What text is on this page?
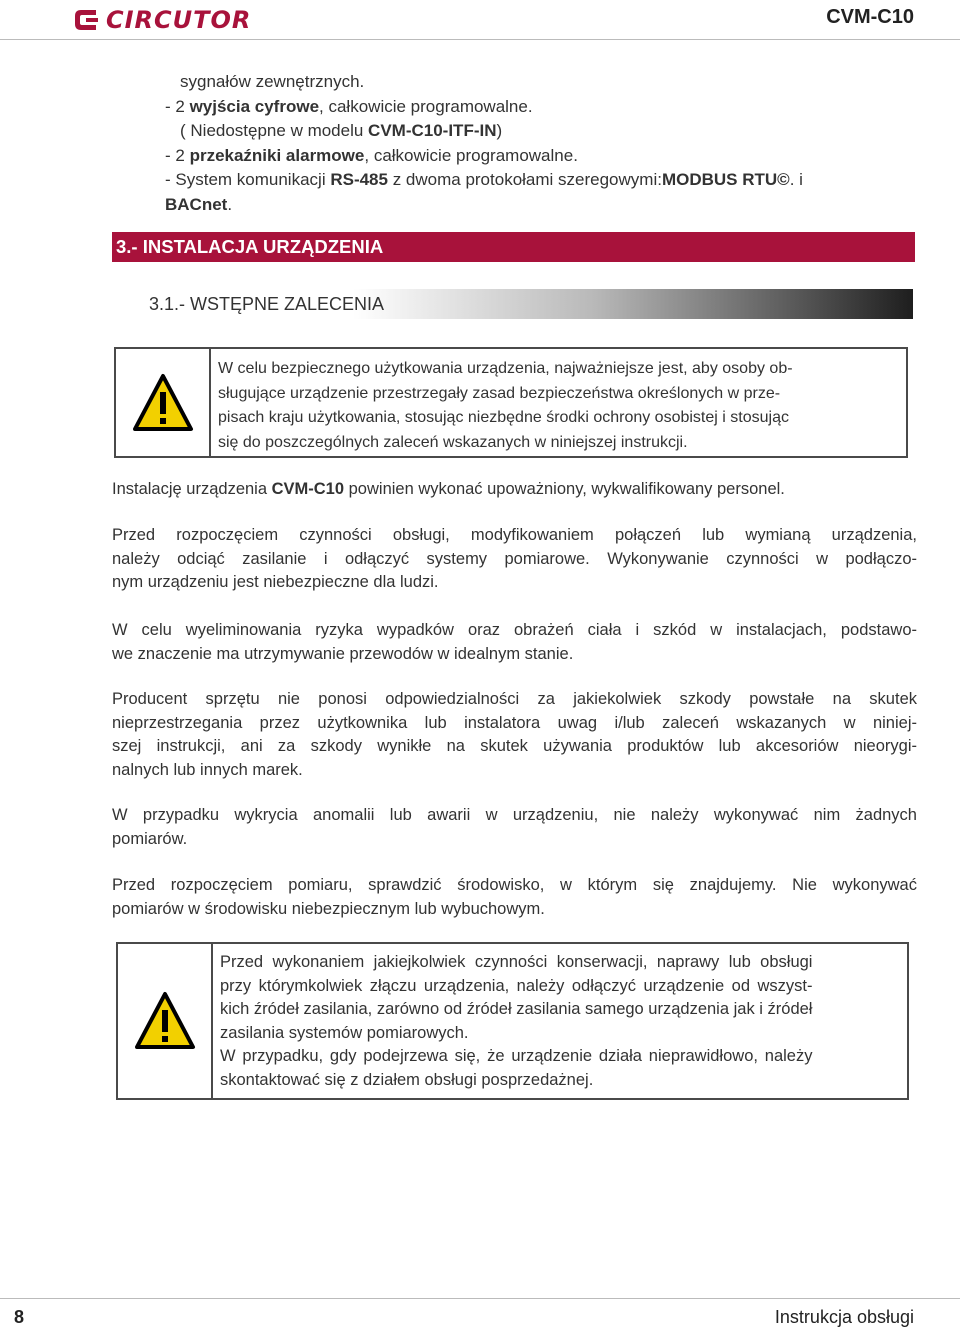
CIRCUTOR	CVM-C10
sygnałów zewnętrznych.
- 2 wyjścia cyfrowe, całkowicie programowalne.
( Niedostępne w modelu CVM-C10-ITF-IN)
- 2 przekaźniki alarmowe, całkowicie programowalne.
- System komunikacji RS-485 z dwoma protokołami szeregowymi:MODBUS RTU©. i
BACnet.
3.- INSTALACJA URZĄDZENIA
3.1.- WSTĘPNE ZALECENIA
W celu bezpiecznego użytkowania urządzenia, najważniejsze jest, aby osoby ob-
sługujące urządzenie przestrzegały zasad bezpieczeństwa określonych w prze-
pisach kraju użytkowania, stosując niezbędne środki ochrony osobistej i stosując
się do poszczególnych zaleceń wskazanych w niniejszej instrukcji.
Instalację urządzenia CVM-C10 powinien wykonać upoważniony, wykwalifikowany personel.
Przed rozpoczęciem czynności obsługi, modyfikowaniem połączeń lub wymianą urządzenia,
należy odciąć zasilanie i odłączyć systemy pomiarowe. Wykonywanie czynności w podłączo-
nym urządzeniu jest niebezpieczne dla ludzi.
W celu wyeliminowania ryzyka wypadków oraz obrażeń ciała i szkód w instalacjach, podstawo-
we znaczenie ma utrzymywanie przewodów w idealnym stanie.
Producent sprzętu nie ponosi odpowiedzialności za jakiekolwiek szkody powstałe na skutek
nieprzestrzegania przez użytkownika lub instalatora uwag i/lub zaleceń wskazanych w niniej-
szej instrukcji, ani za szkody wynikłe na skutek używania produktów lub akcesoriów nieorygi-
nalnych lub innych marek.
W przypadku wykrycia anomalii lub awarii w urządzeniu, nie należy wykonywać nim żadnych
pomiarów.
Przed rozpoczęciem pomiaru, sprawdzić środowisko, w którym się znajdujemy. Nie wykonywać
pomiarów w środowisku niebezpiecznym lub wybuchowym.
Przed wykonaniem jakiejkolwiek czynności konserwacji, naprawy lub obsługi
przy którymkolwiek złączu urządzenia, należy odłączyć urządzenie od wszyst-
kich źródeł zasilania, zarówno od źródeł zasilania samego urządzenia jak i źródeł
zasilania systemów pomiarowych.
W przypadku, gdy podejrzewa się, że urządzenie działa nieprawidłowo, należy
skontaktować się z działem obsługi posprzedażnej.
8	Instrukcja obsługi
